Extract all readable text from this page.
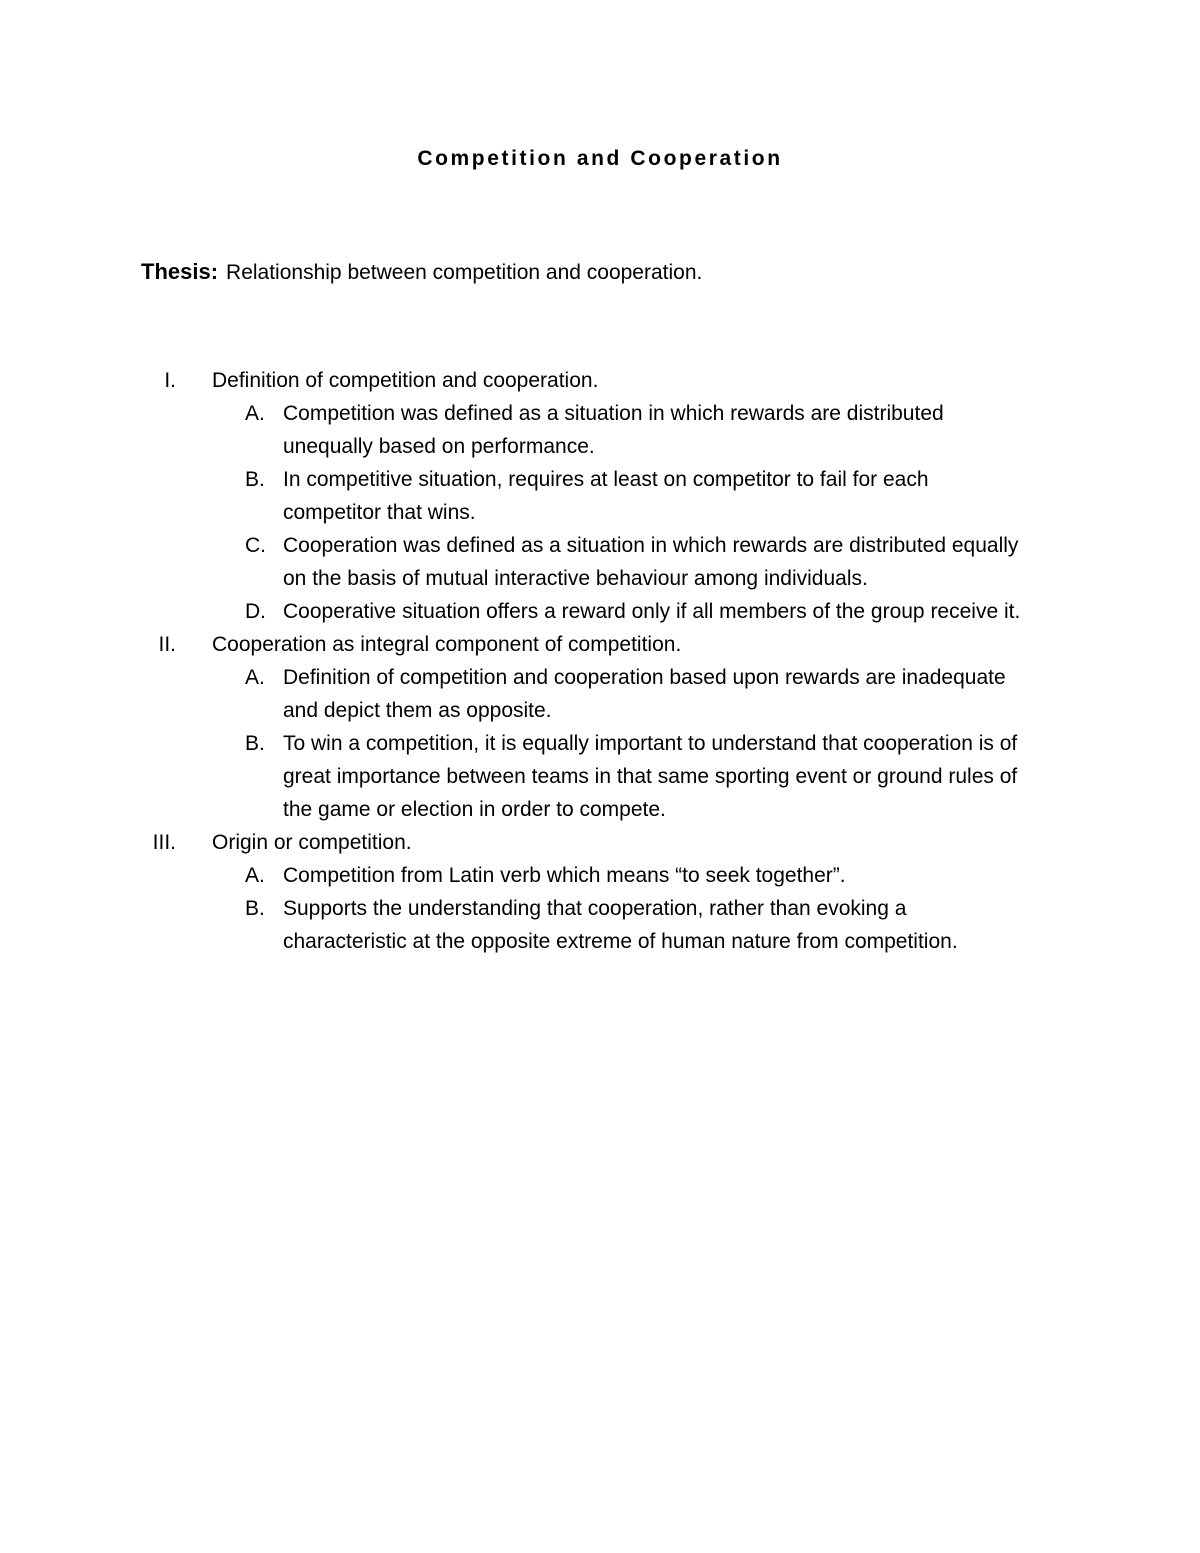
Competition and Cooperation
Thesis: Relationship between competition and cooperation.
I. Definition of competition and cooperation.
A. Competition was defined as a situation in which rewards are distributed
unequally based on performance.
B. In competitive situation, requires at least on competitor to fail for each
competitor that wins.
C. Cooperation was defined as a situation in which rewards are distributed equally
on the basis of mutual interactive behaviour among individuals.
D. Cooperative situation offers a reward only if all members of the group receive it.
II. Cooperation as integral component of competition.
A. Definition of competition and cooperation based upon rewards are inadequate
and depict them as opposite.
B. To win a competition, it is equally important to understand that cooperation is of
great importance between teams in that same sporting event or ground rules of
the game or election in order to compete.
III. Origin or competition.
A. Competition from Latin verb which means “to seek together”.
B. Supports the understanding that cooperation, rather than evoking a
characteristic at the opposite extreme of human nature from competition.
